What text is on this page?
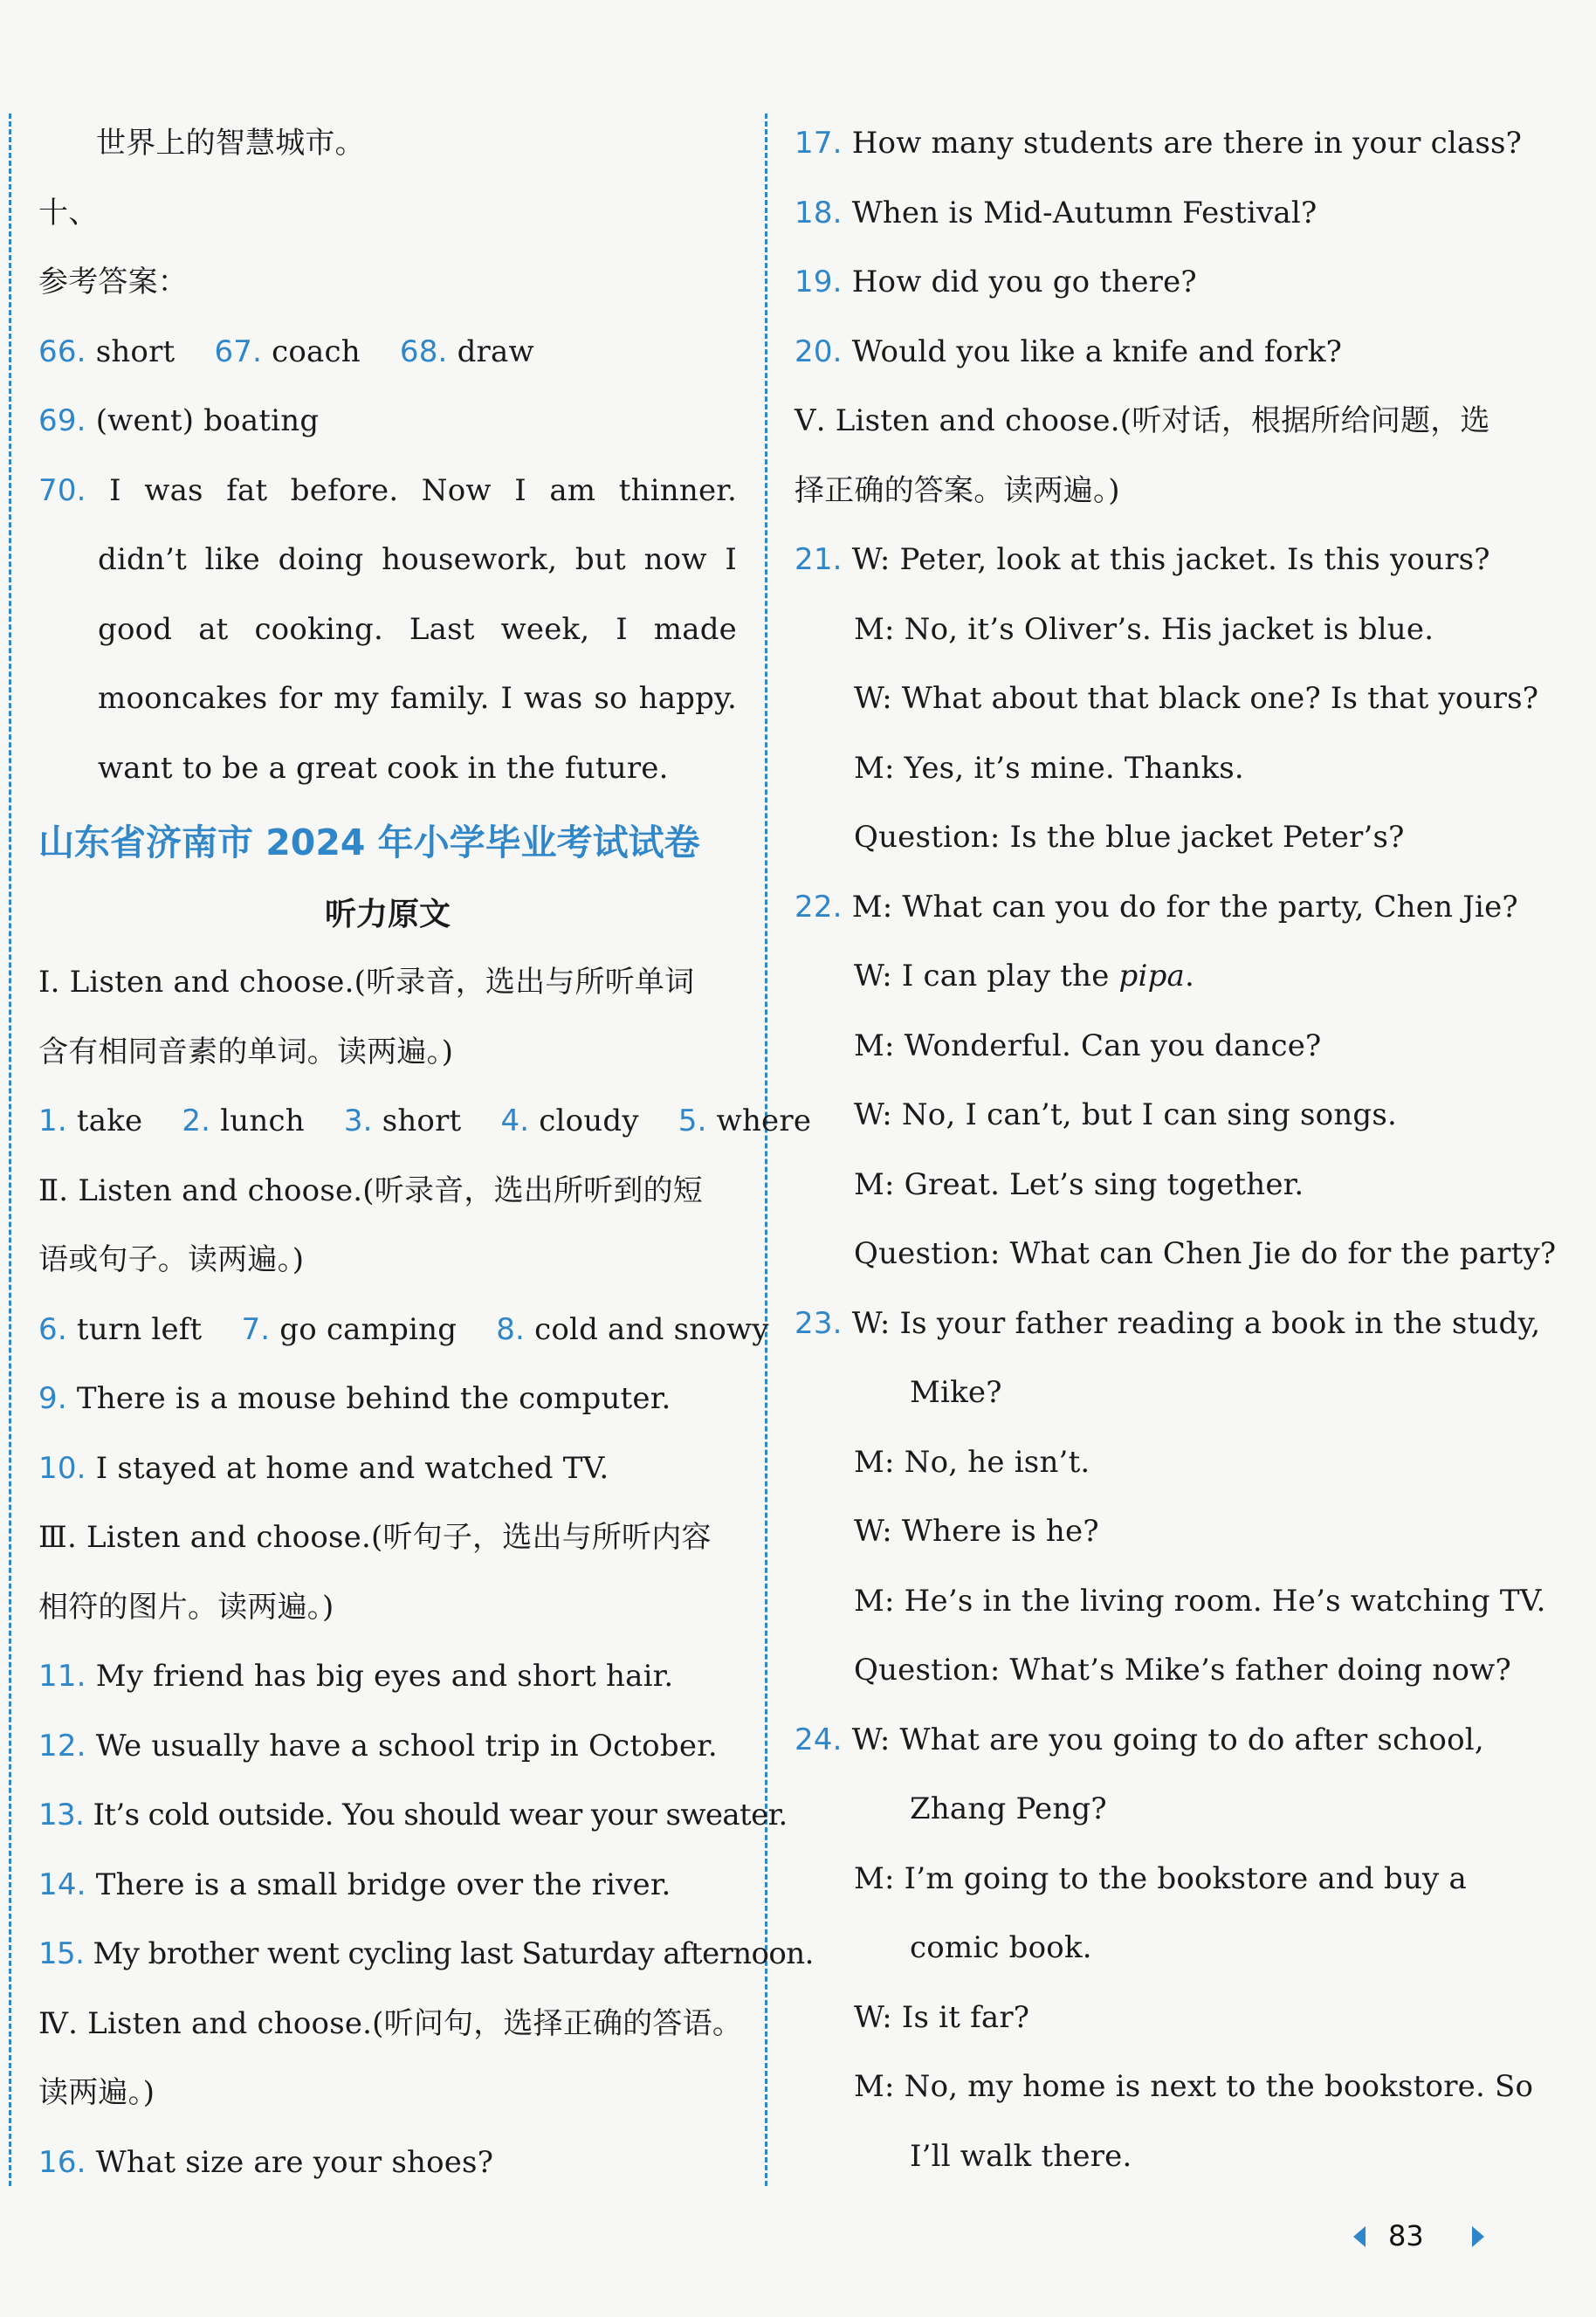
世界上的智慧城市。
十、
参考答案：
66. short 67. coach 68. draw
69. (went) boating
70. I was fat before. Now I am thinner.
didn’t like doing housework, but now I
good at cooking. Last week, I made
mooncakes for my family. I was so happy.
want to be a great cook in the future.
山东省济南市 2024 年小学毕业考试试卷
听力原文
Ⅰ. Listen and choose.(听录音，选出与所听单词
含有相同音素的单词。读两遍。)
1. take 2. lunch 3. short 4. cloudy 5. where
Ⅱ. Listen and choose.(听录音，选出所听到的短
语或句子。读两遍。)
6. turn left 7. go camping 8. cold and snowy
9. There is a mouse behind the computer.
10. I stayed at home and watched TV.
Ⅲ. Listen and choose.(听句子，选出与所听内容
相符的图片。读两遍。)
11. My friend has big eyes and short hair.
12. We usually have a school trip in October.
13. It’s cold outside. You should wear your sweater.
14. There is a small bridge over the river.
15. My brother went cycling last Saturday afternoon.
Ⅳ. Listen and choose.(听问句，选择正确的答语。
读两遍。)
16. What size are your shoes?
17. How many students are there in your class?
18. When is Mid-Autumn Festival?
19. How did you go there?
20. Would you like a knife and fork?
Ⅴ. Listen and choose.(听对话，根据所给问题，选
择正确的答案。读两遍。)
21. W: Peter, look at this jacket. Is this yours?
M: No, it’s Oliver’s. His jacket is blue.
W: What about that black one? Is that yours?
M: Yes, it’s mine. Thanks.
Question: Is the blue jacket Peter’s?
22. M: What can you do for the party, Chen Jie?
W: I can play the pipa.
M: Wonderful. Can you dance?
W: No, I can’t, but I can sing songs.
M: Great. Let’s sing together.
Question: What can Chen Jie do for the party?
23. W: Is your father reading a book in the study,
Mike?
M: No, he isn’t.
W: Where is he?
M: He’s in the living room. He’s watching TV.
Question: What’s Mike’s father doing now?
24. W: What are you going to do after school,
Zhang Peng?
M: I’m going to the bookstore and buy a
comic book.
W: Is it far?
M: No, my home is next to the bookstore. So
I’ll walk there.
83
